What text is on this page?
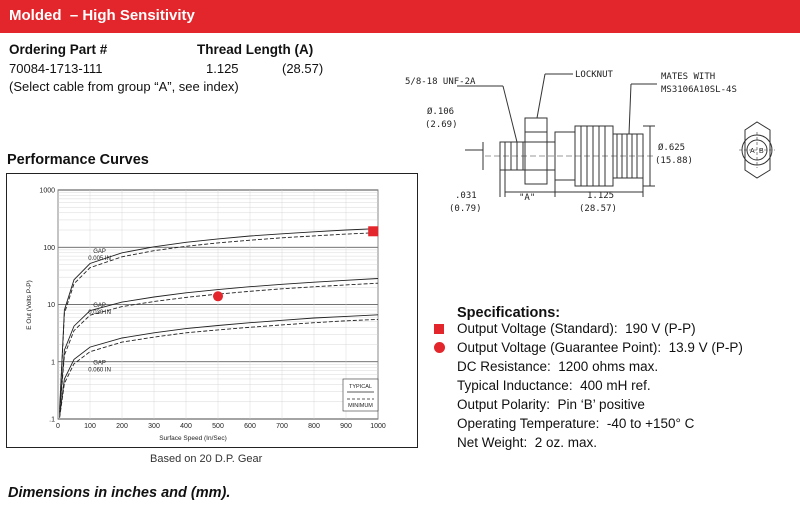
Molded  – High Sensitivity
Ordering Part #	Thread Length (A)
70084-1713-111	1.125	(28.57)
(Select cable from group “A”, see index)
Performance Curves
0	100	200	300	400	500	600	700	800	900	1000
1000
100
10
1
.1
GAP
0.005 IN
GAP
0.030 IN
GAP
0.060 IN
TYPICAL
MINIMUM
Surface Speed (In/Sec)
E Out (Volts P-P)
Based on 20 D.P. Gear
5/8-18 UNF-2A
LOCKNUT	MATES WITH
MS3106A10SL-4S
Ø.106
(2.69)
Ø.625
(15.88)
.031
(0.79)
"A"	1.125
(28.57)
A B
Specifications:
Output Voltage (Standard):  190 V (P-P)
Output Voltage (Guarantee Point):  13.9 V (P-P)
DC Resistance:  1200 ohms max.
Typical Inductance:  400 mH ref.
Output Polarity:  Pin ‘B’ positive
Operating Temperature:  -40 to +150° C
Net Weight:  2 oz. max.
Dimensions in inches and (mm).
